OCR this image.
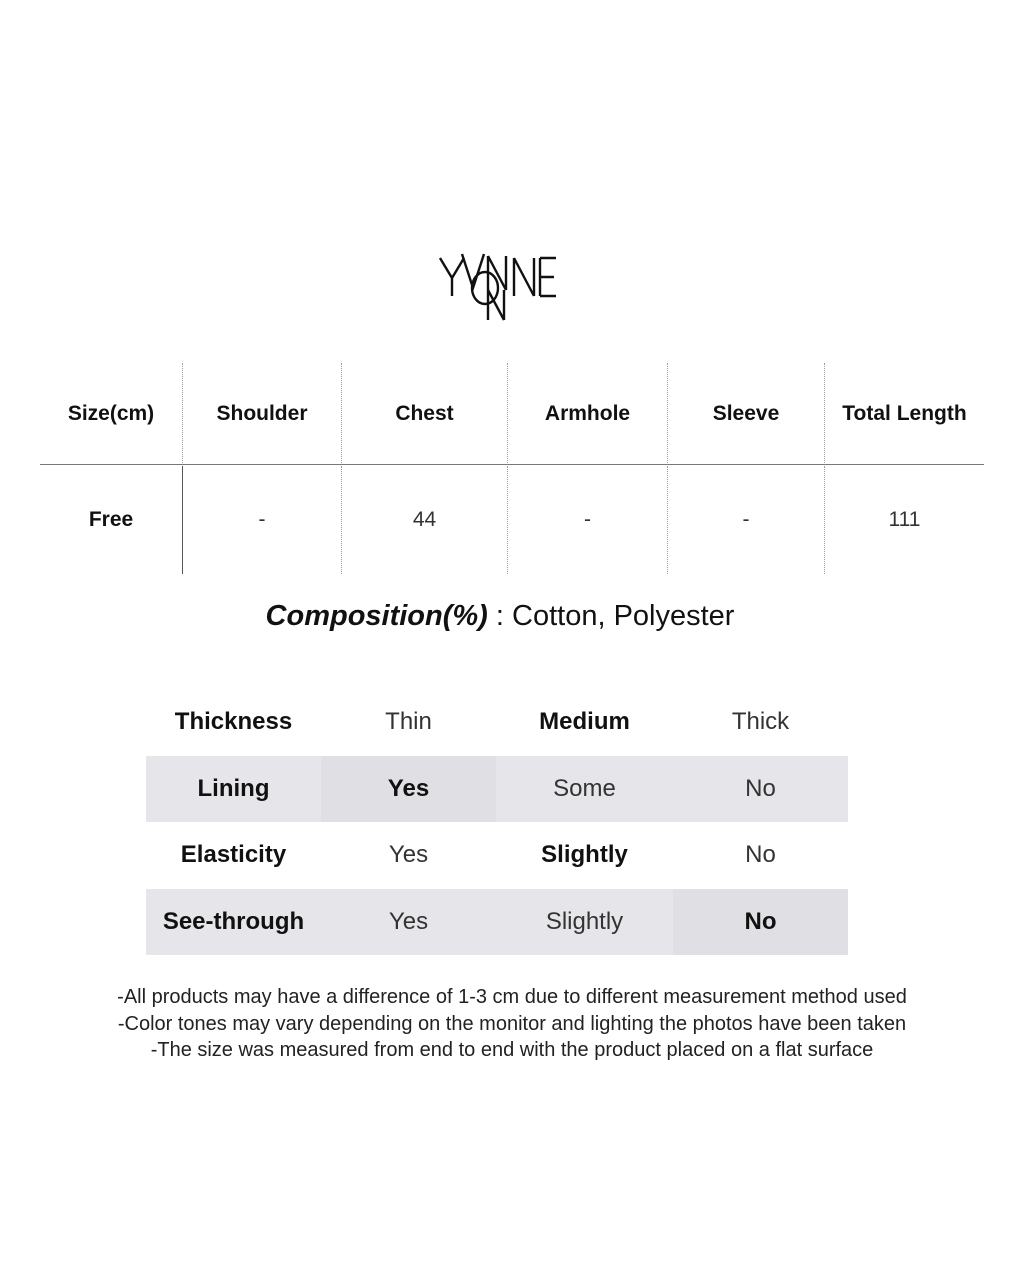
Size(cm)	Shoulder	Chest	Armhole	Sleeve	Total Length
Free	-	44	-	-	111
Composition(%) : Cotton, Polyester
Thickness	Thin	Medium	Thick
Lining	Yes	Some	No
Elasticity	Yes	Slightly	No
See-through	Yes	Slightly	No
-All products may have a difference of 1-3 cm due to different measurement method used
-Color tones may vary depending on the monitor and lighting the photos have been taken
-The size was measured from end to end with the product placed on a flat surface
